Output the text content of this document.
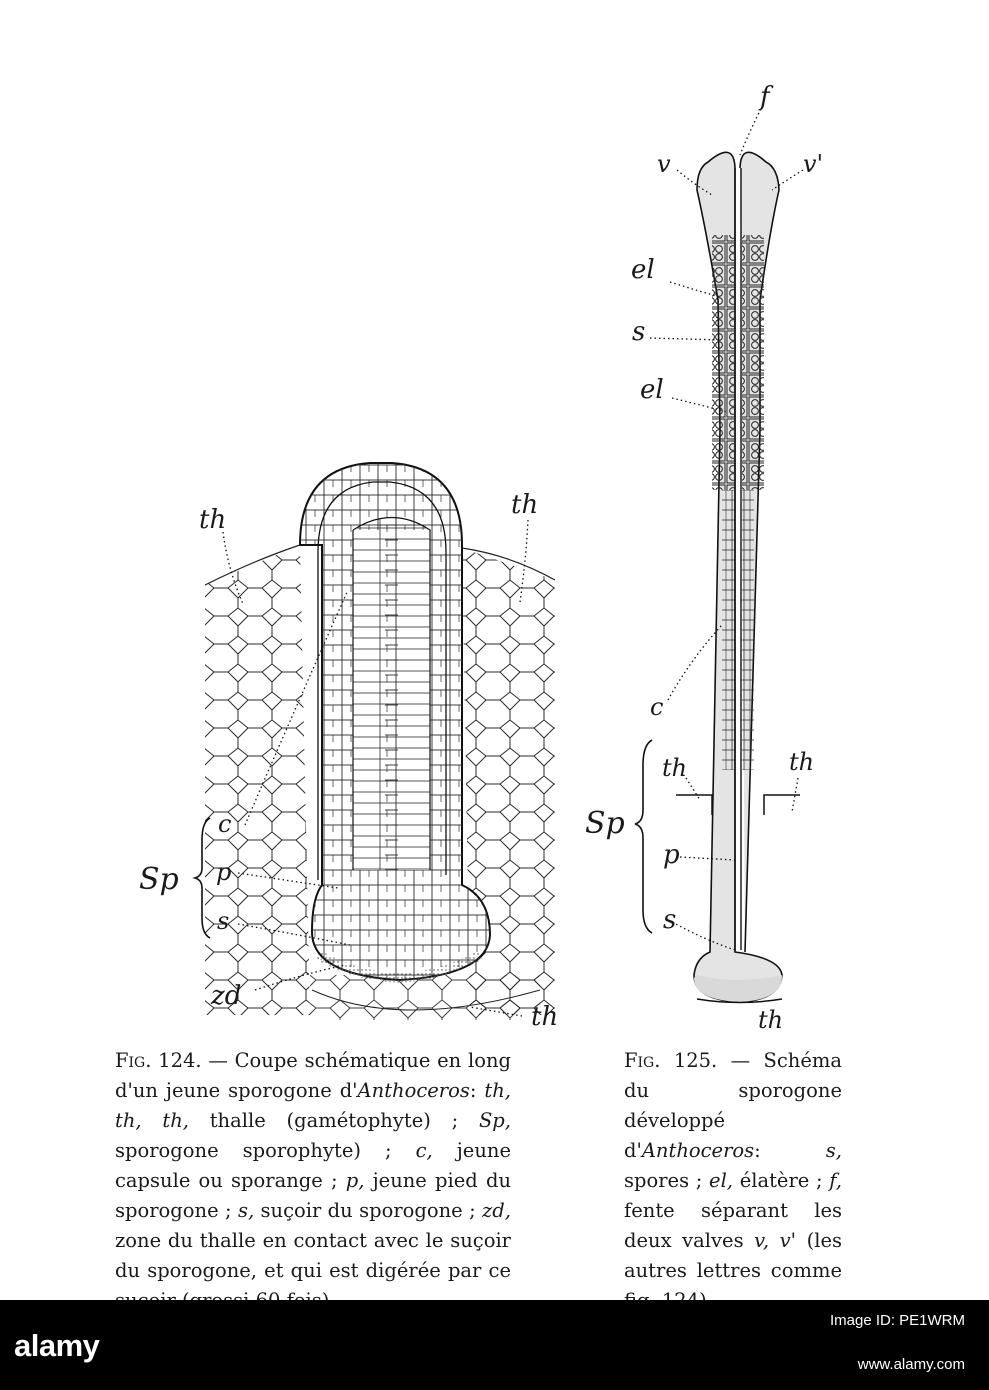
th	th
c
Sp p
s
zd
th
f
v	v'
el
s
el
c
th	th
Sp
p
s
th
Fig. 124. — Coupe schématique en long d'un jeune sporogone d'Anthoceros: th, th, th, thalle (gamétophyte) ; Sp, sporogone sporophyte) ; c, jeune capsule ou sporange ; p, jeune pied du sporogone ; s, suçoir du sporogone ; zd, zone du thalle en contact avec le suçoir du sporogone, et qui est digérée par ce
Fig. 125. — Schéma du sporogone développé d'Anthoceros: s, spores ; el, élatère ; f, fente séparant les deux valves v, v' (les autres lettres comme
alamy
Image ID: PE1WRM
www.alamy.com
